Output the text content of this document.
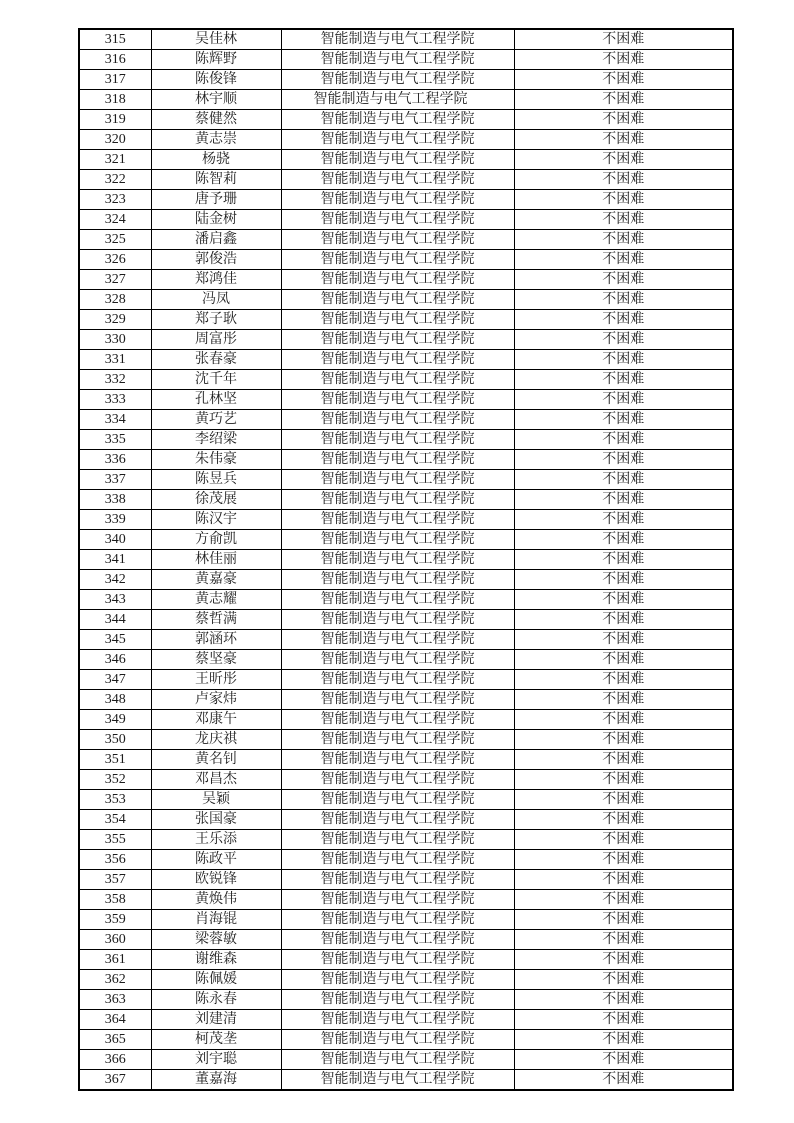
315	吴佳林	智能制造与电气工程学院	不困难
316	陈辉野	智能制造与电气工程学院	不困难
317	陈俊锋	智能制造与电气工程学院	不困难
318	林宇顺	智能制造与电气工程学院　	不困难
319	蔡健然	智能制造与电气工程学院	不困难
320	黄志崇	智能制造与电气工程学院	不困难
321	杨骁	智能制造与电气工程学院	不困难
322	陈智莉	智能制造与电气工程学院	不困难
323	唐予珊	智能制造与电气工程学院	不困难
324	陆金树	智能制造与电气工程学院	不困难
325	潘启鑫	智能制造与电气工程学院	不困难
326	郭俊浩	智能制造与电气工程学院	不困难
327	郑鸿佳	智能制造与电气工程学院	不困难
328	冯凤	智能制造与电气工程学院	不困难
329	郑子耿	智能制造与电气工程学院	不困难
330	周富彤	智能制造与电气工程学院	不困难
331	张春豪	智能制造与电气工程学院	不困难
332	沈千年	智能制造与电气工程学院	不困难
333	孔林坚	智能制造与电气工程学院	不困难
334	黄巧艺	智能制造与电气工程学院	不困难
335	李绍梁	智能制造与电气工程学院	不困难
336	朱伟豪	智能制造与电气工程学院	不困难
337	陈昱兵	智能制造与电气工程学院	不困难
338	徐茂展	智能制造与电气工程学院	不困难
339	陈汉宇	智能制造与电气工程学院	不困难
340	方俞凯	智能制造与电气工程学院	不困难
341	林佳丽	智能制造与电气工程学院	不困难
342	黄嘉豪	智能制造与电气工程学院	不困难
343	黄志耀	智能制造与电气工程学院	不困难
344	蔡哲满	智能制造与电气工程学院	不困难
345	郭涵环	智能制造与电气工程学院	不困难
346	蔡坚豪	智能制造与电气工程学院	不困难
347	王昕彤	智能制造与电气工程学院	不困难
348	卢家炜	智能制造与电气工程学院	不困难
349	邓康午	智能制造与电气工程学院	不困难
350	龙庆祺	智能制造与电气工程学院	不困难
351	黄名钊	智能制造与电气工程学院	不困难
352	邓昌杰	智能制造与电气工程学院	不困难
353	吴颖	智能制造与电气工程学院	不困难
354	张国豪	智能制造与电气工程学院	不困难
355	王乐添	智能制造与电气工程学院	不困难
356	陈政平	智能制造与电气工程学院	不困难
357	欧锐锋	智能制造与电气工程学院	不困难
358	黄焕伟	智能制造与电气工程学院	不困难
359	肖海锟	智能制造与电气工程学院	不困难
360	梁蓉敏	智能制造与电气工程学院	不困难
361	谢维森	智能制造与电气工程学院	不困难
362	陈佩媛	智能制造与电气工程学院	不困难
363	陈永春	智能制造与电气工程学院	不困难
364	刘建清	智能制造与电气工程学院	不困难
365	柯茂垄	智能制造与电气工程学院	不困难
366	刘宇聪	智能制造与电气工程学院	不困难
367	董嘉海	智能制造与电气工程学院	不困难
